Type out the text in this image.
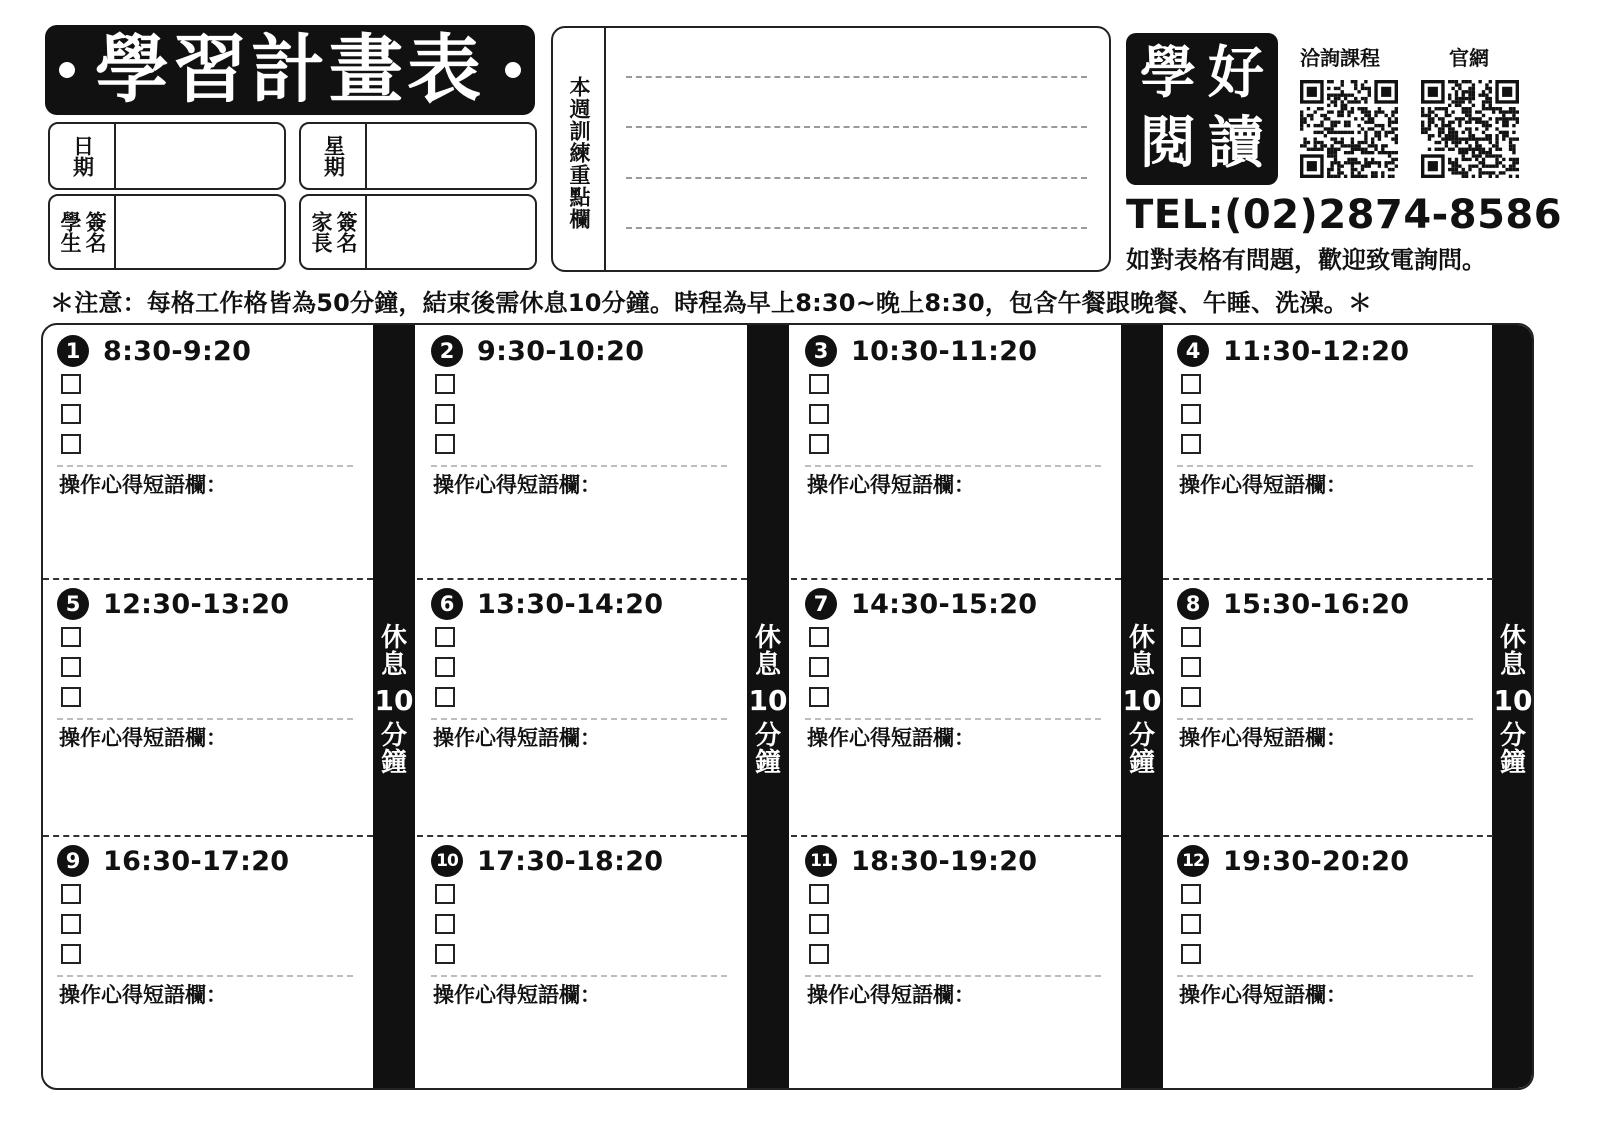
學習計畫表
日期	星期
學生 簽名	家長 簽名
本週訓練重點欄
學 好
閱 讀
洽詢課程	官網
TEL:(02)2874-8586
如對表格有問題，歡迎致電詢問。
＊注意：每格工作格皆為50分鐘，結束後需休息10分鐘。時程為早上8:30~晚上8:30，包含午餐跟晚餐、午睡、洗澡。＊
休
息
10
分
鐘
休
息
10
分
鐘
休
息
10
分
鐘
休
息
10
分
鐘
1 8:30-9:20
操作心得短語欄：
2 9:30-10:20
操作心得短語欄：
3 10:30-11:20
操作心得短語欄：
4 11:30-12:20
操作心得短語欄：
5 12:30-13:20
操作心得短語欄：
6 13:30-14:20
操作心得短語欄：
7 14:30-15:20
操作心得短語欄：
8 15:30-16:20
操作心得短語欄：
9 16:30-17:20
操作心得短語欄：
10 17:30-18:20
操作心得短語欄：
11 18:30-19:20
操作心得短語欄：
12 19:30-20:20
操作心得短語欄：
